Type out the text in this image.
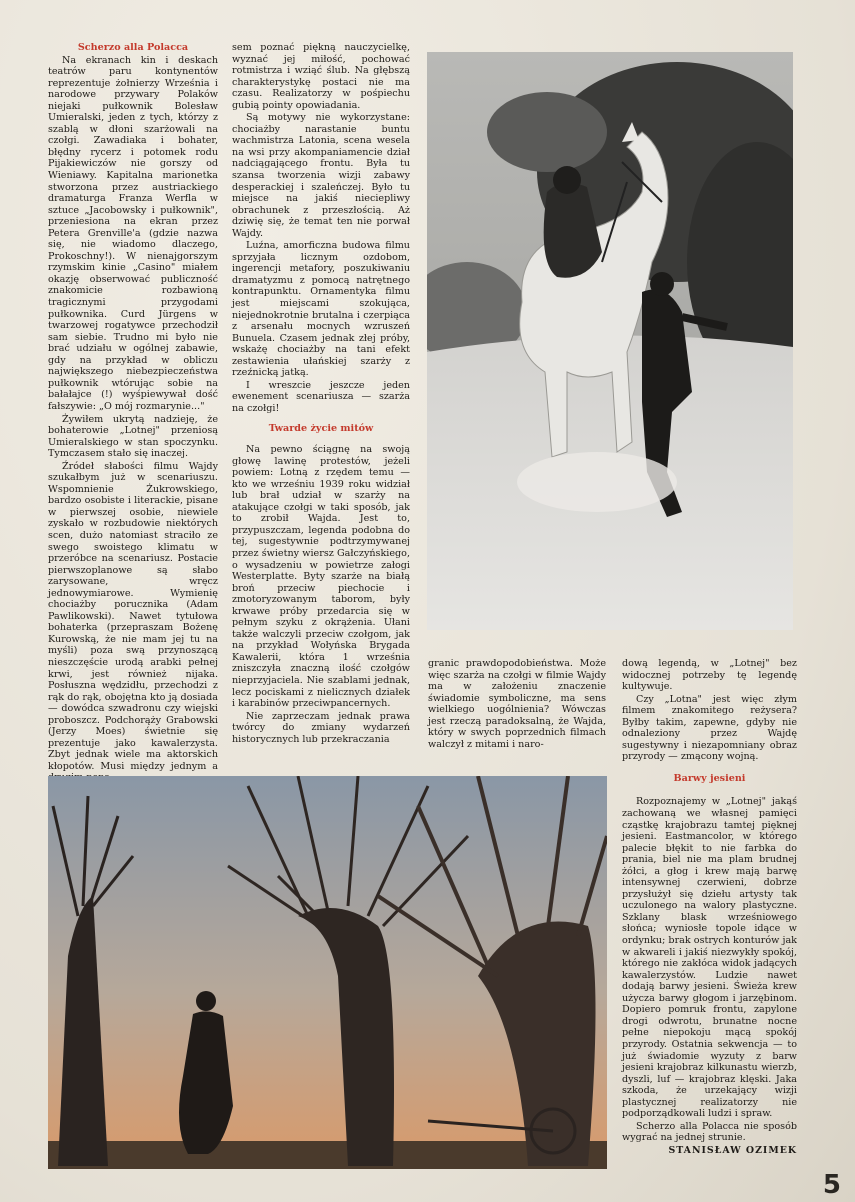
Scherzo alla Polacca

Na ekranach kin i deskach teatrów paru kontynentów reprezentuje żołnierzy Września i narodowe przywary Polaków niejaki pułkownik Bolesław Umieralski, jeden z tych, którzy z szablą w dłoni szarżowali na czołgi. Zawadiaka i bohater, błędny rycerz i potomek rodu Pijakiewiczów nie gorszy od Wieniawy. Kapitalna marionetka stworzona przez austriackiego dramaturga Franza Werfla w sztuce „Jacobowsky i pułkownik", przeniesiona na ekran przez Petera Grenville'a (gdzie nazwa się, nie wiadomo dlaczego, Prokoschny!). W nienajgorszym rzymskim kinie „Casino" miałem okazję obserwować publiczność znakomicie rozbawioną tragicznymi przygodami pułkownika. Curd Jürgens w twarzowej rogatywce przechodził sam siebie. Trudno mi było nie brać udziału w ogólnej zabawie, gdy na przykład w obliczu największego niebezpieczeństwa pułkownik wtórując sobie na bałałajce (!) wyśpiewywał dość fałszywie: „O mój rozmarynie..."

Żywiłem ukrytą nadzieję, że bohaterowie „Lotnej" przeniosą Umieralskiego w stan spoczynku. Tymczasem stało się inaczej.

Źródeł słabości filmu Wajdy szukałbym już w scenariuszu. Wspomnienie Żukrowskiego, bardzo osobiste i literackie, pisane w pierwszej osobie, niewiele zyskało w rozbudowie niektórych scen, dużo natomiast straciło ze swego swoistego klimatu w przeróbce na scenariusz. Postacie pierwszoplanowe są słabo zarysowane, wręcz jednowymiarowe. Wymienię chociażby porucznika (Adam Pawlikowski). Nawet tytułowa bohaterka (przepraszam Bożenę Kurowską, że nie mam jej tu na myśli) poza swą przynoszącą nieszczęście urodą arabki pełnej krwi, jest również nijaka. Posłuszna wędzidłu, przechodzi z rąk do rąk, obojętna kto ją dosiada — dowódca szwadronu czy wiejski proboszcz. Podchorąży Grabowski (Jerzy Moes) świetnie się prezentuje jako kawalerzysta. Zbyt jednak wiele ma aktorskich kłopotów. Musi między jednym a

sem poznać piękną nauczycielkę, wyznać jej miłość, pochować rotmistrza i wziąć ślub. Na głębszą charakterystykę postaci nie ma czasu. Realizatorzy w pośpiechu gubią pointy opowiadania.

Są motywy nie wykorzystane: chociażby narastanie buntu wachmistrza Latonia, scena wesela na wsi przy akompaniamencie dział nadciągającego frontu. Była tu szansa tworzenia wizji zabawy desperackiej i szaleńczej. Było tu miejsce na jakiś nieciepliwy obrachunek z przeszłością. Aż dziwię się, że temat ten nie porwał Wajdy.

Luźna, amorficzna budowa filmu sprzyjała licznym ozdobom, ingerencji metafory, poszukiwaniu dramatyzmu z pomocą natrętnego kontrapunktu. Ornamentyka filmu jest miejscami szokująca, niejednokrotnie brutalna i czerpiąca z arsenału mocnych wzruszeń Bunuela. Czasem jednak złej próby, wskażę chociażby na tani efekt zestawienia ułańskiej szarży z rzeźnicką jatką.

I wreszcie jeszcze jeden ewenement scenariusza — szarża na czołgi!

Twarde życie mitów

Na pewno ściągnę na swoją głowę lawinę protestów, jeżeli powiem: Lotną z rzędem temu — kto we wrześniu 1939 roku widział lub brał udział w szarży na atakujące czołgi w taki sposób, jak to zrobił Wajda. Jest to, przypuszczam, legenda podobna do tej, sugestywnie podtrzymywanej przez świetny wiersz Gałczyńskiego, o wysadzeniu w powietrze załogi Westerplatte. Byty szarże na białą broń przeciw piechocie i zmotoryzowanym taborom, były krwawe próby przedarcia się w pełnym szyku z okrążenia. Ułani także walczyli przeciw czołgom, jak na przykład Wołyńska Brygada Kawalerii, która 1 września zniszczyła znaczną ilość czołgów nieprzyjaciela. Nie szablami jednak, lecz pociskami z nielicznych działek i karabinów przeciwpancernych.

Nie zaprzeczam jednak prawa twórcy do zmiany wydarzeń historycznych lub przekraczania

granic prawdopodobieństwa. Może więc szarża na czołgi w filmie Wajdy ma w założeniu znaczenie świadomie symboliczne, ma sens wielkiego uogólnienia? Wówczas jest rzeczą paradoksalną, że Wajda, który w swych poprzednich filmach walczył z mitami i naro-

dową legendą, w „Lotnej" bez widocznej potrzeby tę legendę kultywuje.

Czy „Lotna" jest więc złym filmem znakomitego reżysera? Byłby takim, zapewne, gdyby nie odnaleziony przez Wajdę sugestywny i niezapomniany obraz przyrody — zmącony wojną.

Barwy jesieni

Rozpoznajemy w „Lotnej" jakąś zachowaną we własnej pamięci cząstkę krajobrazu tamtej pięknej jesieni. Eastmancolor, w którego palecie błękit to nie farbka do prania, biel nie ma plam brudnej żółci, a głog i krew mają barwę intensywnej czerwieni, dobrze przysłużył się dziełu artysty tak uczulonego na walory plastyczne. Szklany blask wrześniowego słońca; wyniosłe topole idące w ordynku; brak ostrych konturów jak w akwareli i jakiś niezwykły spokój, którego nie zakłóca widok jadących kawalerzystów. Ludzie nawet dodają barwy jesieni. Świeża krew użycza barwy głogom i jarzębinom. Dopiero pomruk frontu, zapylone drogi odwrotu, brunatne nocne pełne niepokoju mącą spokój przyrody. Ostatnia sekwencja — to już świadomie wyzuty z barw jesieni krajobraz kilkunastu wierzb, dyszli, luf — krajobraz klęski. Jaka szkoda, że urzekający wizji plastycznej realizatorzy nie podporządkowali ludzi i spraw.

Scherzo alla Polacca nie sposób wygrać na jednej strunie.

STANISŁAW OZIMEK

5
